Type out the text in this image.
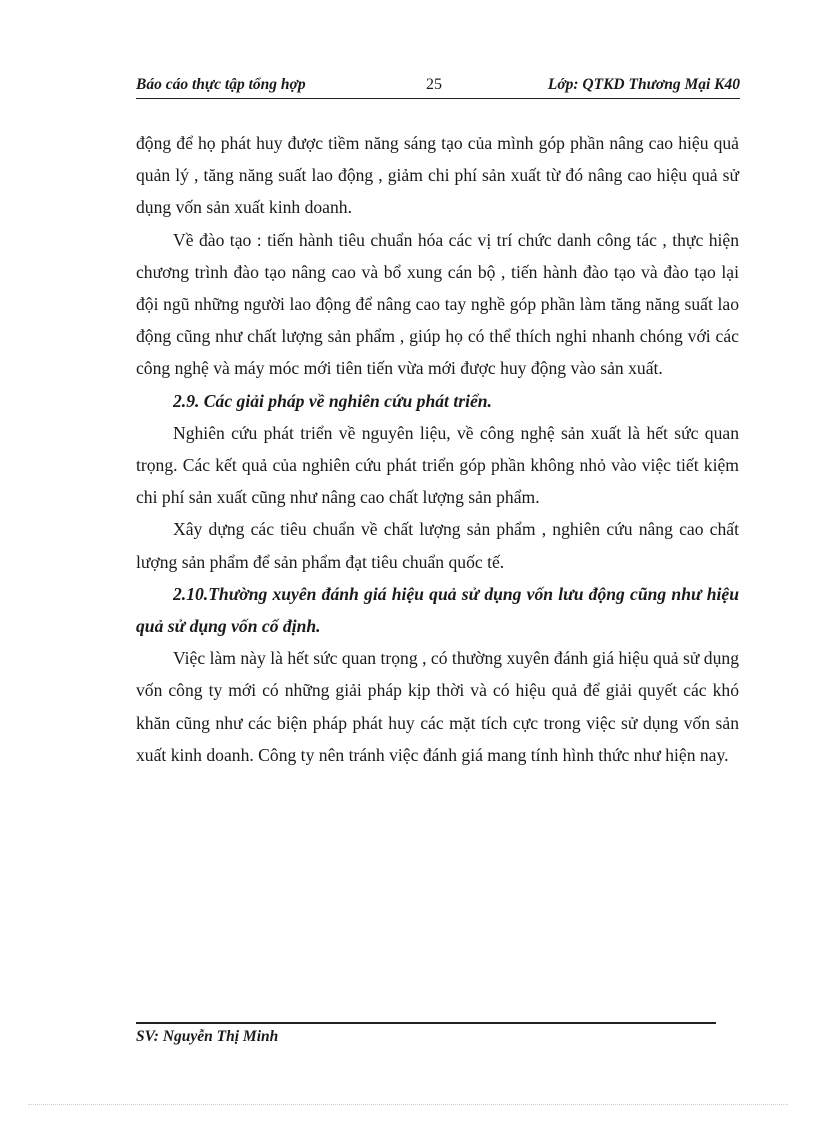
Báo cáo thực tập tổng hợp	25	Lớp: QTKD Thương Mại K40

động để họ phát huy được tiềm năng sáng tạo của mình góp phần nâng cao hiệu quả quản lý , tăng năng suất lao động , giảm chi phí sản xuất từ đó nâng cao hiệu quả sử dụng vốn sản xuất kinh doanh.

Về đào tạo : tiến hành tiêu chuẩn hóa các vị trí chức danh công tác , thực hiện chương trình đào tạo nâng cao và bổ xung cán bộ , tiến hành đào tạo và đào tạo lại đội ngũ những người lao động để nâng cao tay nghề góp phần làm tăng năng suất lao động cũng như chất lượng sản phẩm , giúp họ có thể thích nghi nhanh chóng với các công nghệ và máy móc mới tiên tiến vừa mới được huy động vào sản xuất.

2.9. Các giải pháp về nghiên cứu phát triển.

Nghiên cứu phát triển về nguyên liệu, về công nghệ sản xuất là hết sức quan trọng. Các kết quả của nghiên cứu phát triển góp phần không nhỏ vào việc tiết kiệm chi phí sản xuất cũng như nâng cao chất lượng sản phẩm.

Xây dựng các tiêu chuẩn về chất lượng sản phẩm , nghiên cứu nâng cao chất lượng sản phẩm để sản phẩm đạt tiêu chuẩn quốc tế.

2.10.Thường xuyên đánh giá hiệu quả sử dụng vốn lưu động cũng như hiệu quả sử dụng vốn cố định.

Việc làm này là hết sức quan trọng , có thường xuyên đánh giá hiệu quả sử dụng vốn công ty mới có những giải pháp kịp thời và có hiệu quả để giải quyết các khó khăn cũng như các biện pháp phát huy các mặt tích cực trong việc sử dụng vốn sản xuất kinh doanh. Công ty nên tránh việc đánh giá mang tính hình thức như hiện nay.

SV: Nguyễn Thị Minh
